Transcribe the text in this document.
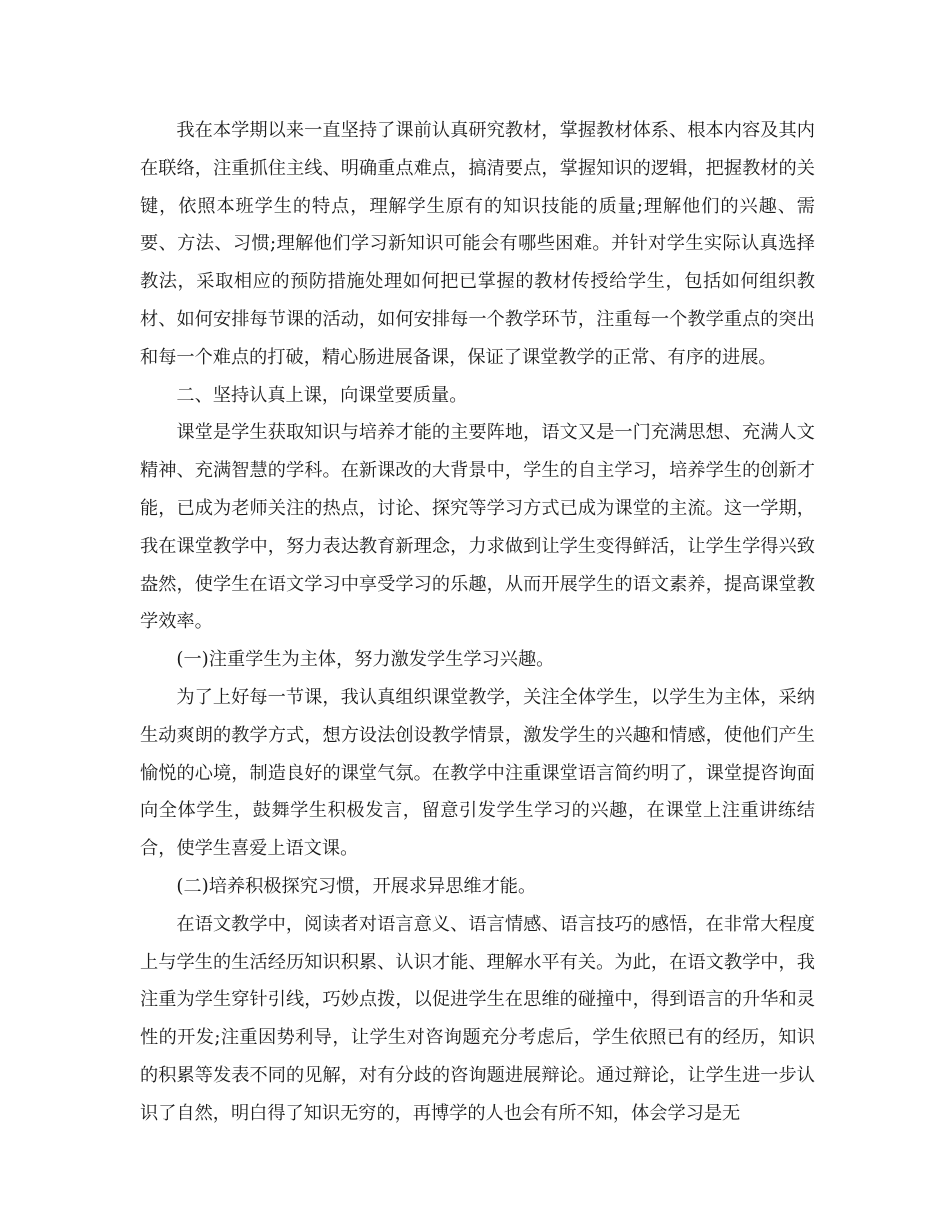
我在本学期以来一直坚持了课前认真研究教材，掌握教材体系、根本内容及其内在联络，注重抓住主线、明确重点难点，搞清要点，掌握知识的逻辑，把握教材的关键，依照本班学生的特点，理解学生原有的知识技能的质量;理解他们的兴趣、需要、方法、习惯;理解他们学习新知识可能会有哪些困难。并针对学生实际认真选择教法，采取相应的预防措施处理如何把已掌握的教材传授给学生，包括如何组织教材、如何安排每节课的活动，如何安排每一个教学环节，注重每一个教学重点的突出和每一个难点的打破，精心肠进展备课，保证了课堂教学的正常、有序的进展。

二、坚持认真上课，向课堂要质量。

课堂是学生获取知识与培养才能的主要阵地，语文又是一门充满思想、充满人文精神、充满智慧的学科。在新课改的大背景中，学生的自主学习，培养学生的创新才能，已成为老师关注的热点，讨论、探究等学习方式已成为课堂的主流。这一学期，我在课堂教学中，努力表达教育新理念，力求做到让学生变得鲜活，让学生学得兴致盎然，使学生在语文学习中享受学习的乐趣，从而开展学生的语文素养，提高课堂教学效率。

(一)注重学生为主体，努力激发学生学习兴趣。

为了上好每一节课，我认真组织课堂教学，关注全体学生，以学生为主体，采纳生动爽朗的教学方式，想方设法创设教学情景，激发学生的兴趣和情感，使他们产生愉悦的心境，制造良好的课堂气氛。在教学中注重课堂语言简约明了，课堂提咨询面向全体学生，鼓舞学生积极发言，留意引发学生学习的兴趣，在课堂上注重讲练结合，使学生喜爱上语文课。

(二)培养积极探究习惯，开展求异思维才能。

在语文教学中，阅读者对语言意义、语言情感、语言技巧的感悟，在非常大程度上与学生的生活经历知识积累、认识才能、理解水平有关。为此，在语文教学中，我注重为学生穿针引线，巧妙点拨，以促进学生在思维的碰撞中，得到语言的升华和灵性的开发;注重因势利导，让学生对咨询题充分考虑后，学生依照已有的经历，知识的积累等发表不同的见解，对有分歧的咨询题进展辩论。通过辩论，让学生进一步认识了自然，明白得了知识无穷的，再博学的人也会有所不知，体会学习是无
